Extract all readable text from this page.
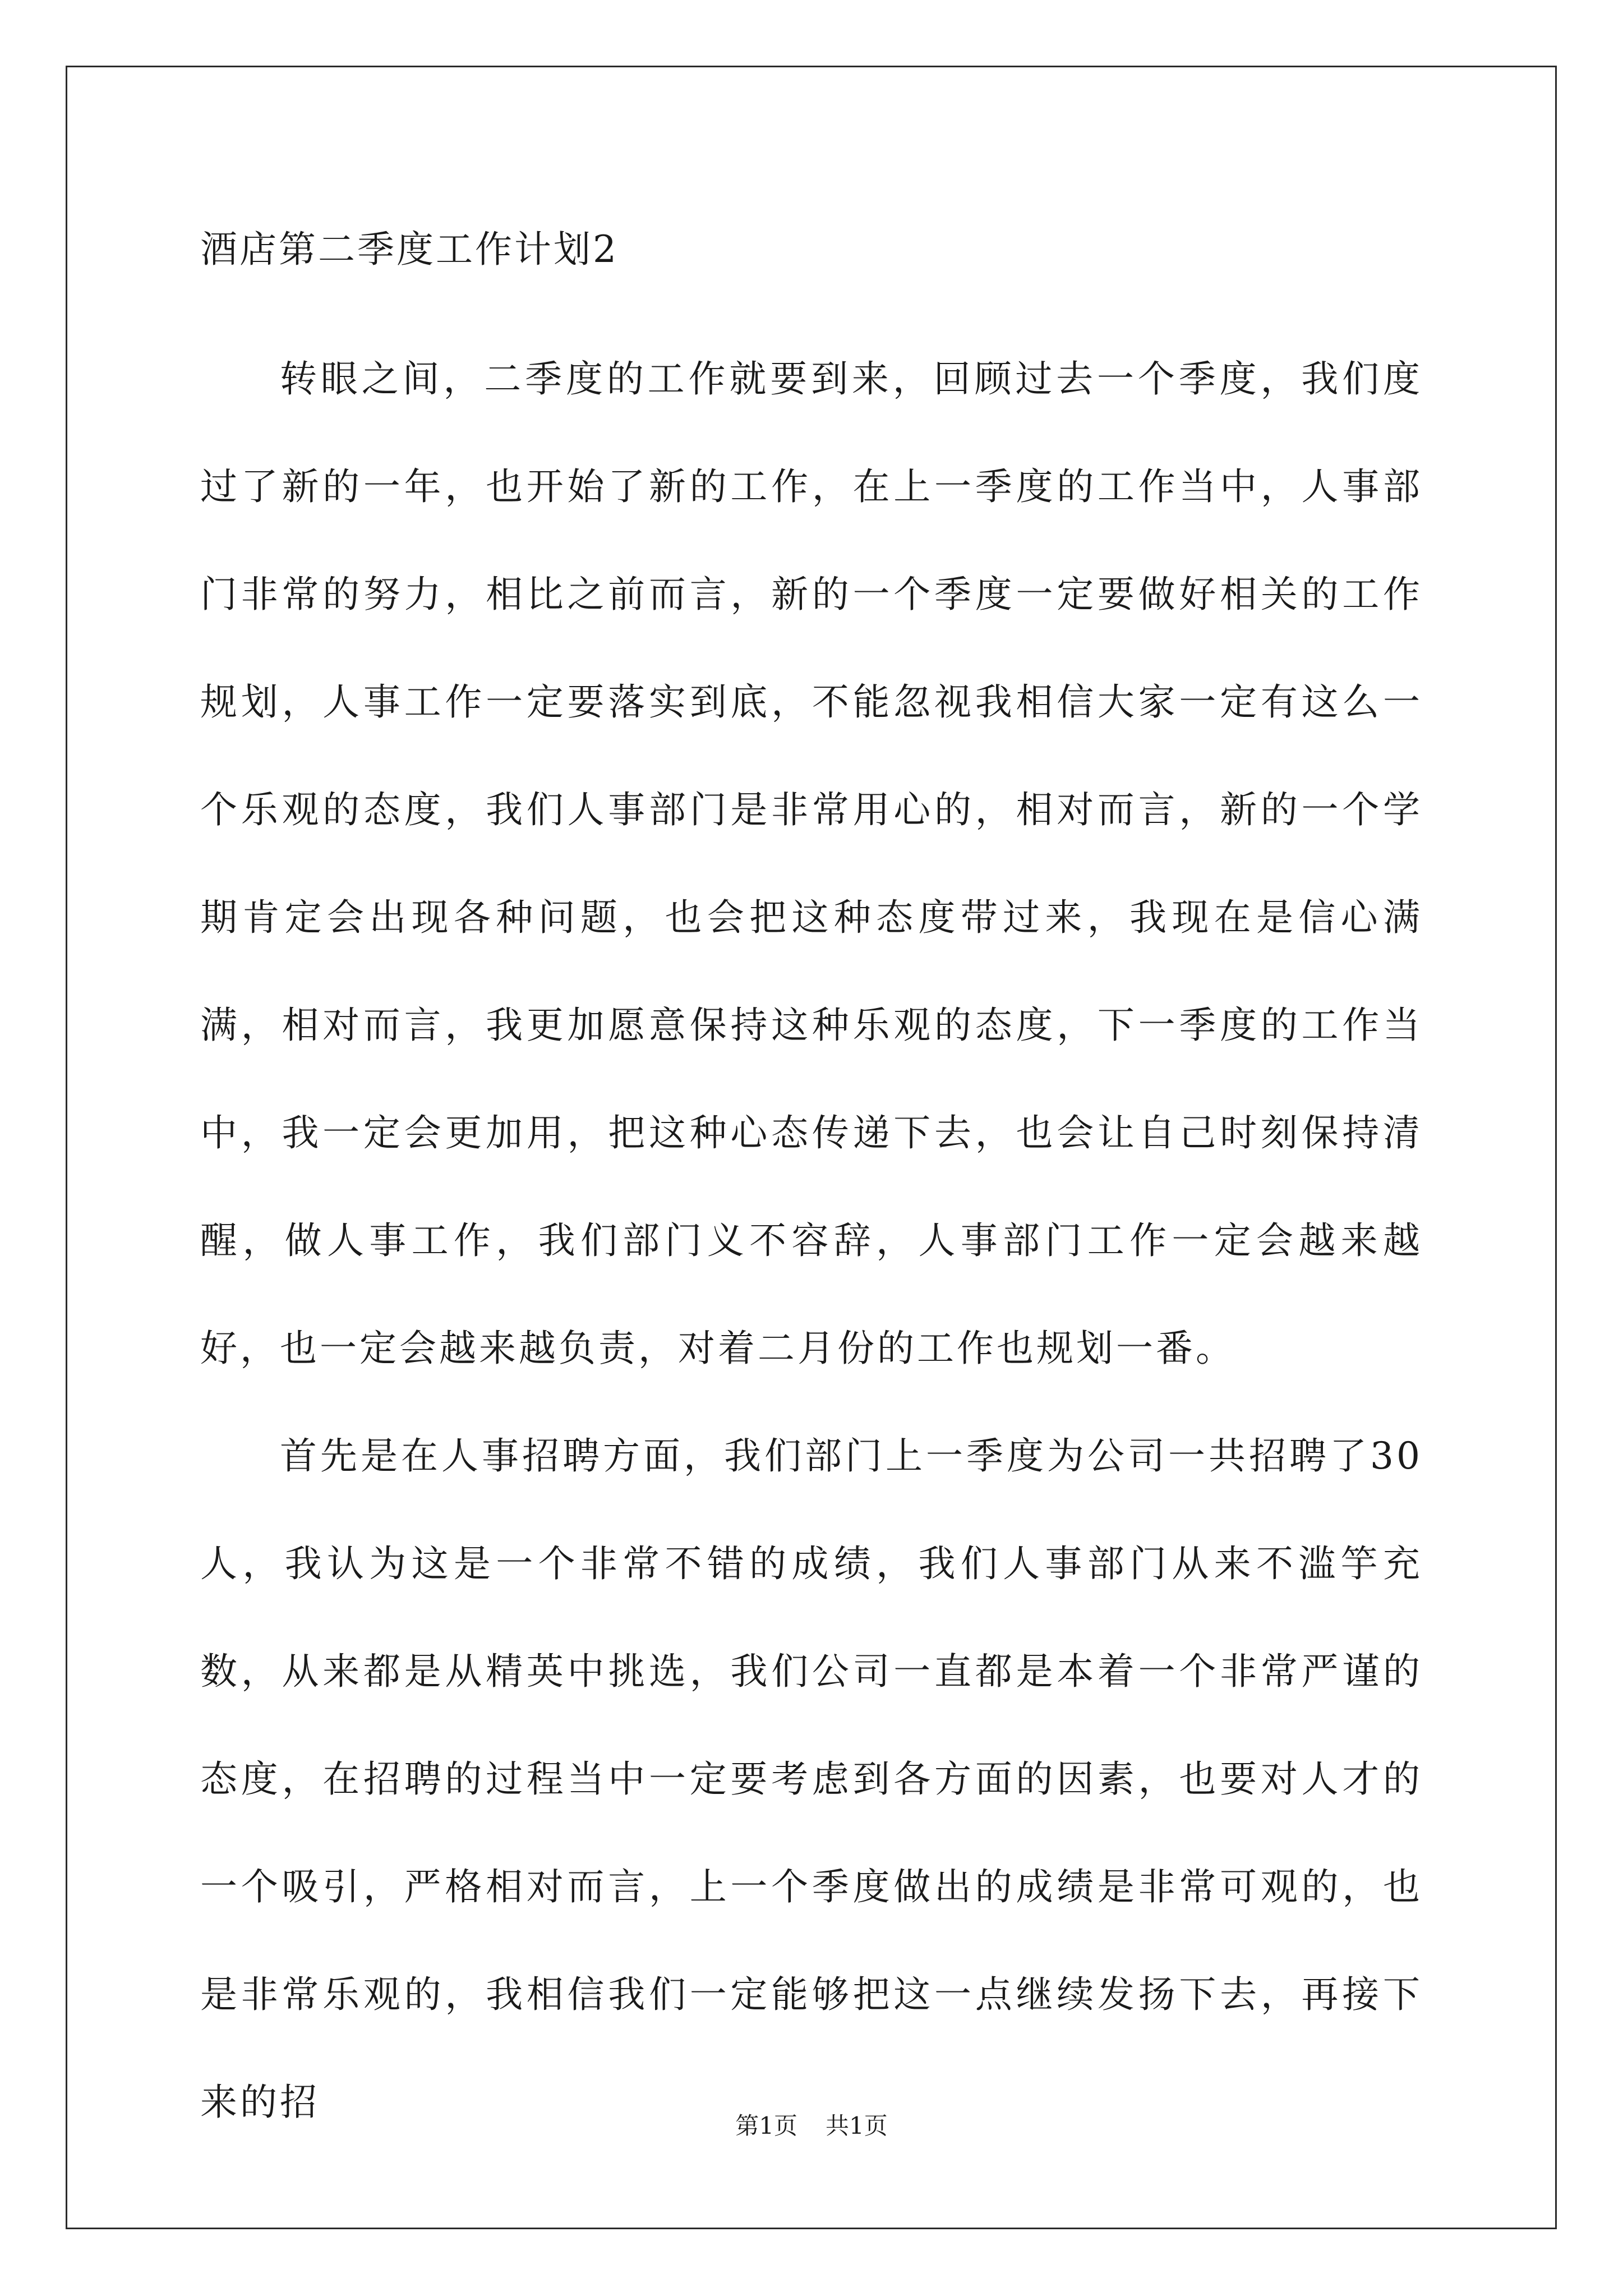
酒店第二季度工作计划2

转眼之间，二季度的工作就要到来，回顾过去一个季度，我们度过了新的一年，也开始了新的工作，在上一季度的工作当中，人事部门非常的努力，相比之前而言，新的一个季度一定要做好相关的工作规划，人事工作一定要落实到底，不能忽视我相信大家一定有这么一个乐观的态度，我们人事部门是非常用心的，相对而言，新的一个学期肯定会出现各种问题，也会把这种态度带过来，我现在是信心满满，相对而言，我更加愿意保持这种乐观的态度，下一季度的工作当中，我一定会更加用，把这种心态传递下去，也会让自己时刻保持清醒，做人事工作，我们部门义不容辞，人事部门工作一定会越来越好，也一定会越来越负责，对着二月份的工作也规划一番。

首先是在人事招聘方面，我们部门上一季度为公司一共招聘了30人，我认为这是一个非常不错的成绩，我们人事部门从来不滥竽充数，从来都是从精英中挑选，我们公司一直都是本着一个非常严谨的态度，在招聘的过程当中一定要考虑到各方面的因素，也要对人才的一个吸引，严格相对而言，上一个季度做出的成绩是非常可观的，也是非常乐观的，我相信我们一定能够把这一点继续发扬下去，再接下来的招

第1页 共1页
